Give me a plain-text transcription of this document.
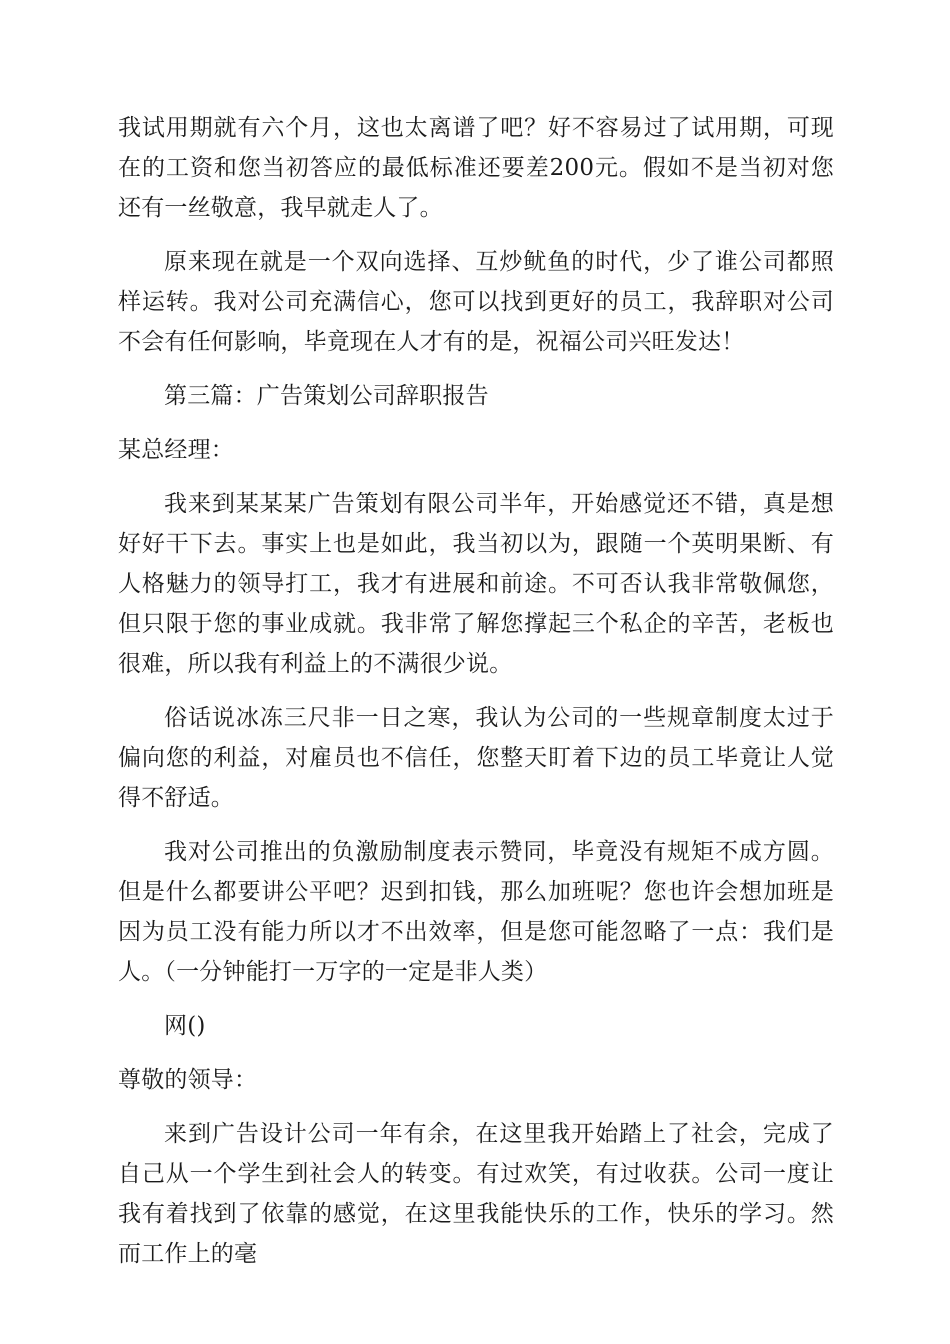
我试用期就有六个月，这也太离谱了吧？好不容易过了试用期，可现在的工资和您当初答应的最低标准还要差200元。假如不是当初对您还有一丝敬意，我早就走人了。

原来现在就是一个双向选择、互炒鱿鱼的时代，少了谁公司都照样运转。我对公司充满信心，您可以找到更好的员工，我辞职对公司不会有任何影响，毕竟现在人才有的是，祝福公司兴旺发达！

第三篇：广告策划公司辞职报告

某总经理：

我来到某某某广告策划有限公司半年，开始感觉还不错，真是想好好干下去。事实上也是如此，我当初以为，跟随一个英明果断、有人格魅力的领导打工，我才有进展和前途。不可否认我非常敬佩您，但只限于您的事业成就。我非常了解您撑起三个私企的辛苦，老板也很难，所以我有利益上的不满很少说。

俗话说冰冻三尺非一日之寒，我认为公司的一些规章制度太过于偏向您的利益，对雇员也不信任，您整天盯着下边的员工毕竟让人觉得不舒适。

我对公司推出的负激励制度表示赞同，毕竟没有规矩不成方圆。但是什么都要讲公平吧？迟到扣钱，那么加班呢？您也许会想加班是因为员工没有能力所以才不出效率，但是您可能忽略了一点：我们是人。（一分钟能打一万字的一定是非人类）

网()

尊敬的领导：

来到广告设计公司一年有余，在这里我开始踏上了社会，完成了自己从一个学生到社会人的转变。有过欢笑，有过收获。公司一度让我有着找到了依靠的感觉，在这里我能快乐的工作，快乐的学习。然而工作上的毫
